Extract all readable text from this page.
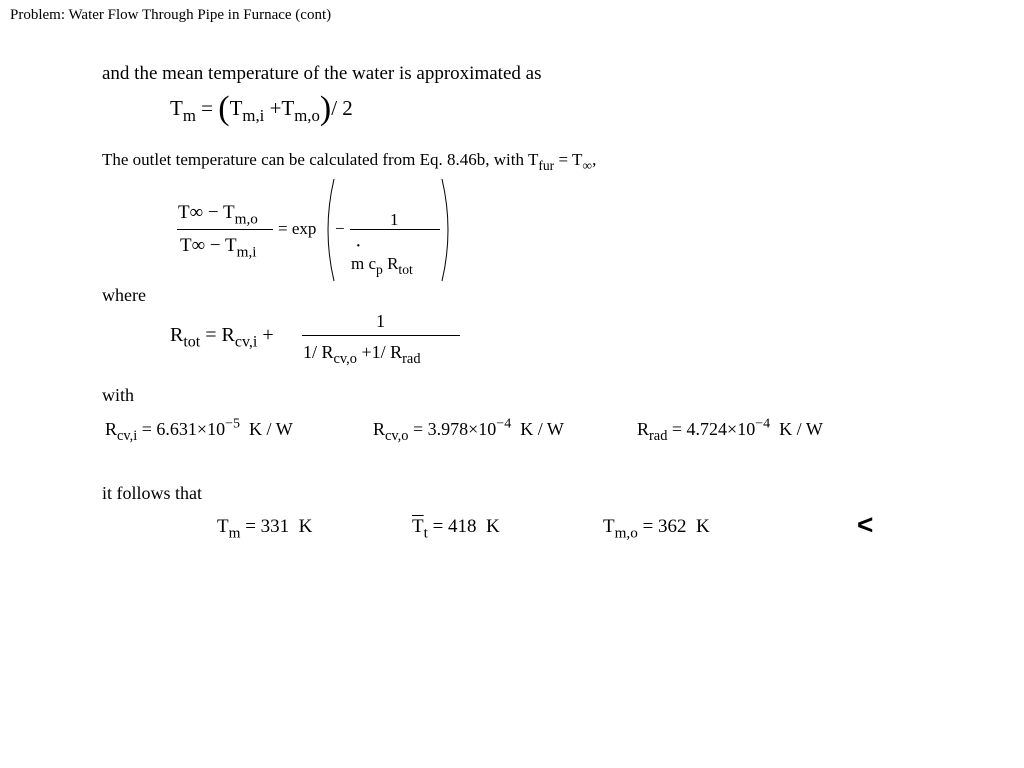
Problem: Water Flow Through Pipe in Furnace (cont)
and the mean temperature of the water is approximated as
$T_m = (T_{m,i} +T_{m,o})/$ 2
The outlet temperature can be calculated from Eq. 8.46b, with $T_{fur} = T_\infty$,
$T\infty - T_{m,o}$
$T\infty - T_{m,i}$
= exp −	1
·
m $c_p$ $R_{tot}$
where
$R_{tot} = R_{cv,i}$ +
1
1/ $R_{cv,o} +1/$ $R_{rad}$
with
$R_{cv,i} = 6.631\times 10^{-5}$  K / W	$R_{cv,o} = 3.978\times 10^{-4}$  K / W	$R_{rad} = 4.724\times 10^{-4}$  K / W
it follows that
$T_m = 331$  K	$\overline{T}_t = 418$  K	$T_{m,o} = 362$  K	<
